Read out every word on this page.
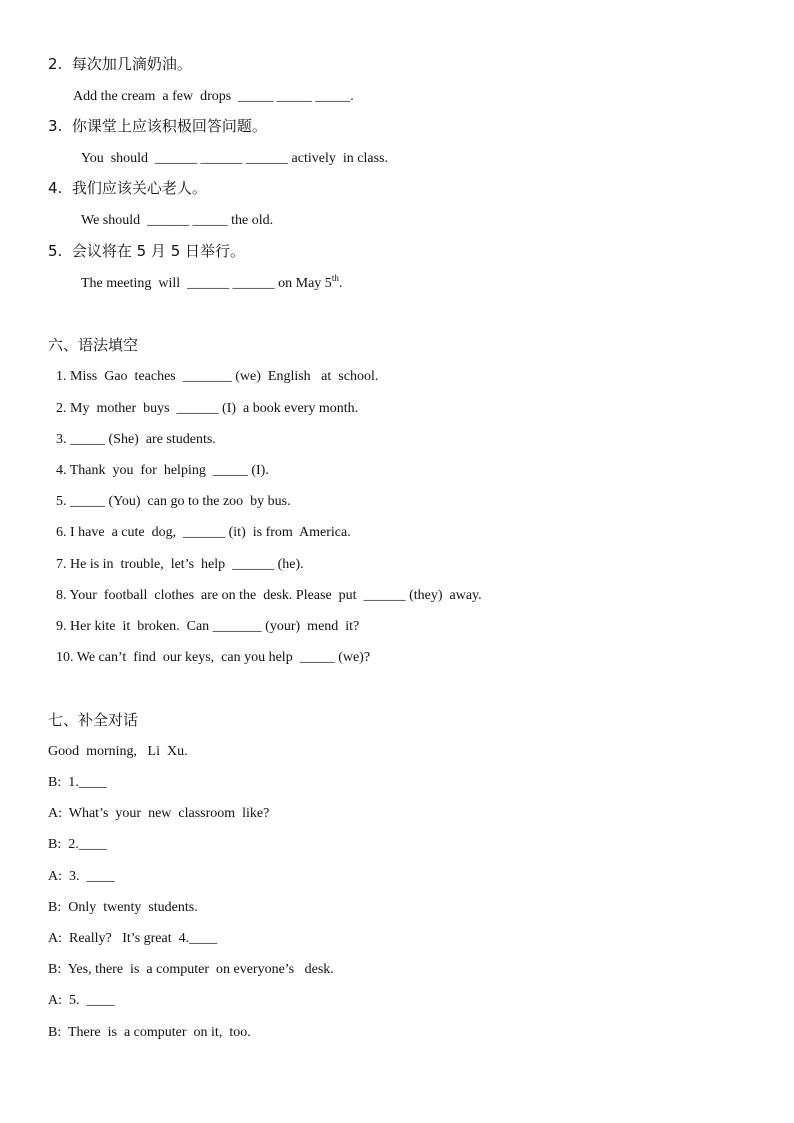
2.  每次加几滴奶油。
Add the cream  a few  drops  _____ _____ _____.
3.  你课堂上应该积极回答问题。
You  should  ______ ______ ______ actively  in class.
4.  我们应该关心老人。
We should  ______ _____ the old.
5.  会议将在 5 月 5 日举行。
The meeting  will  ______ ______ on May 5th.
六、语法填空
1. Miss  Gao  teaches  _______ (we)  English   at  school.
2. My  mother  buys  ______ (I)  a book every month.
3. _____ (She)  are students.
4. Thank  you  for  helping  _____ (I).
5. _____ (You)  can go to the zoo  by bus.
6. I have  a cute  dog,  ______ (it)  is from  America.
7. He is in  trouble,  let’s  help  ______ (he).
8. Your  football  clothes  are on the  desk. Please  put  ______ (they)  away.
9. Her kite  it  broken.  Can _______ (your)  mend  it?
10. We can’t  find  our keys,  can you help  _____ (we)?
七、补全对话
Good  morning,   Li  Xu.
B:  1.____
A:  What’s  your  new  classroom  like?
B:  2.____
A:  3.  ____
B:  Only  twenty  students.
A:  Really?   It’s great  4.____
B:  Yes, there  is  a computer  on everyone’s   desk.
A:  5.  ____
B:  There  is  a computer  on it,  too.
